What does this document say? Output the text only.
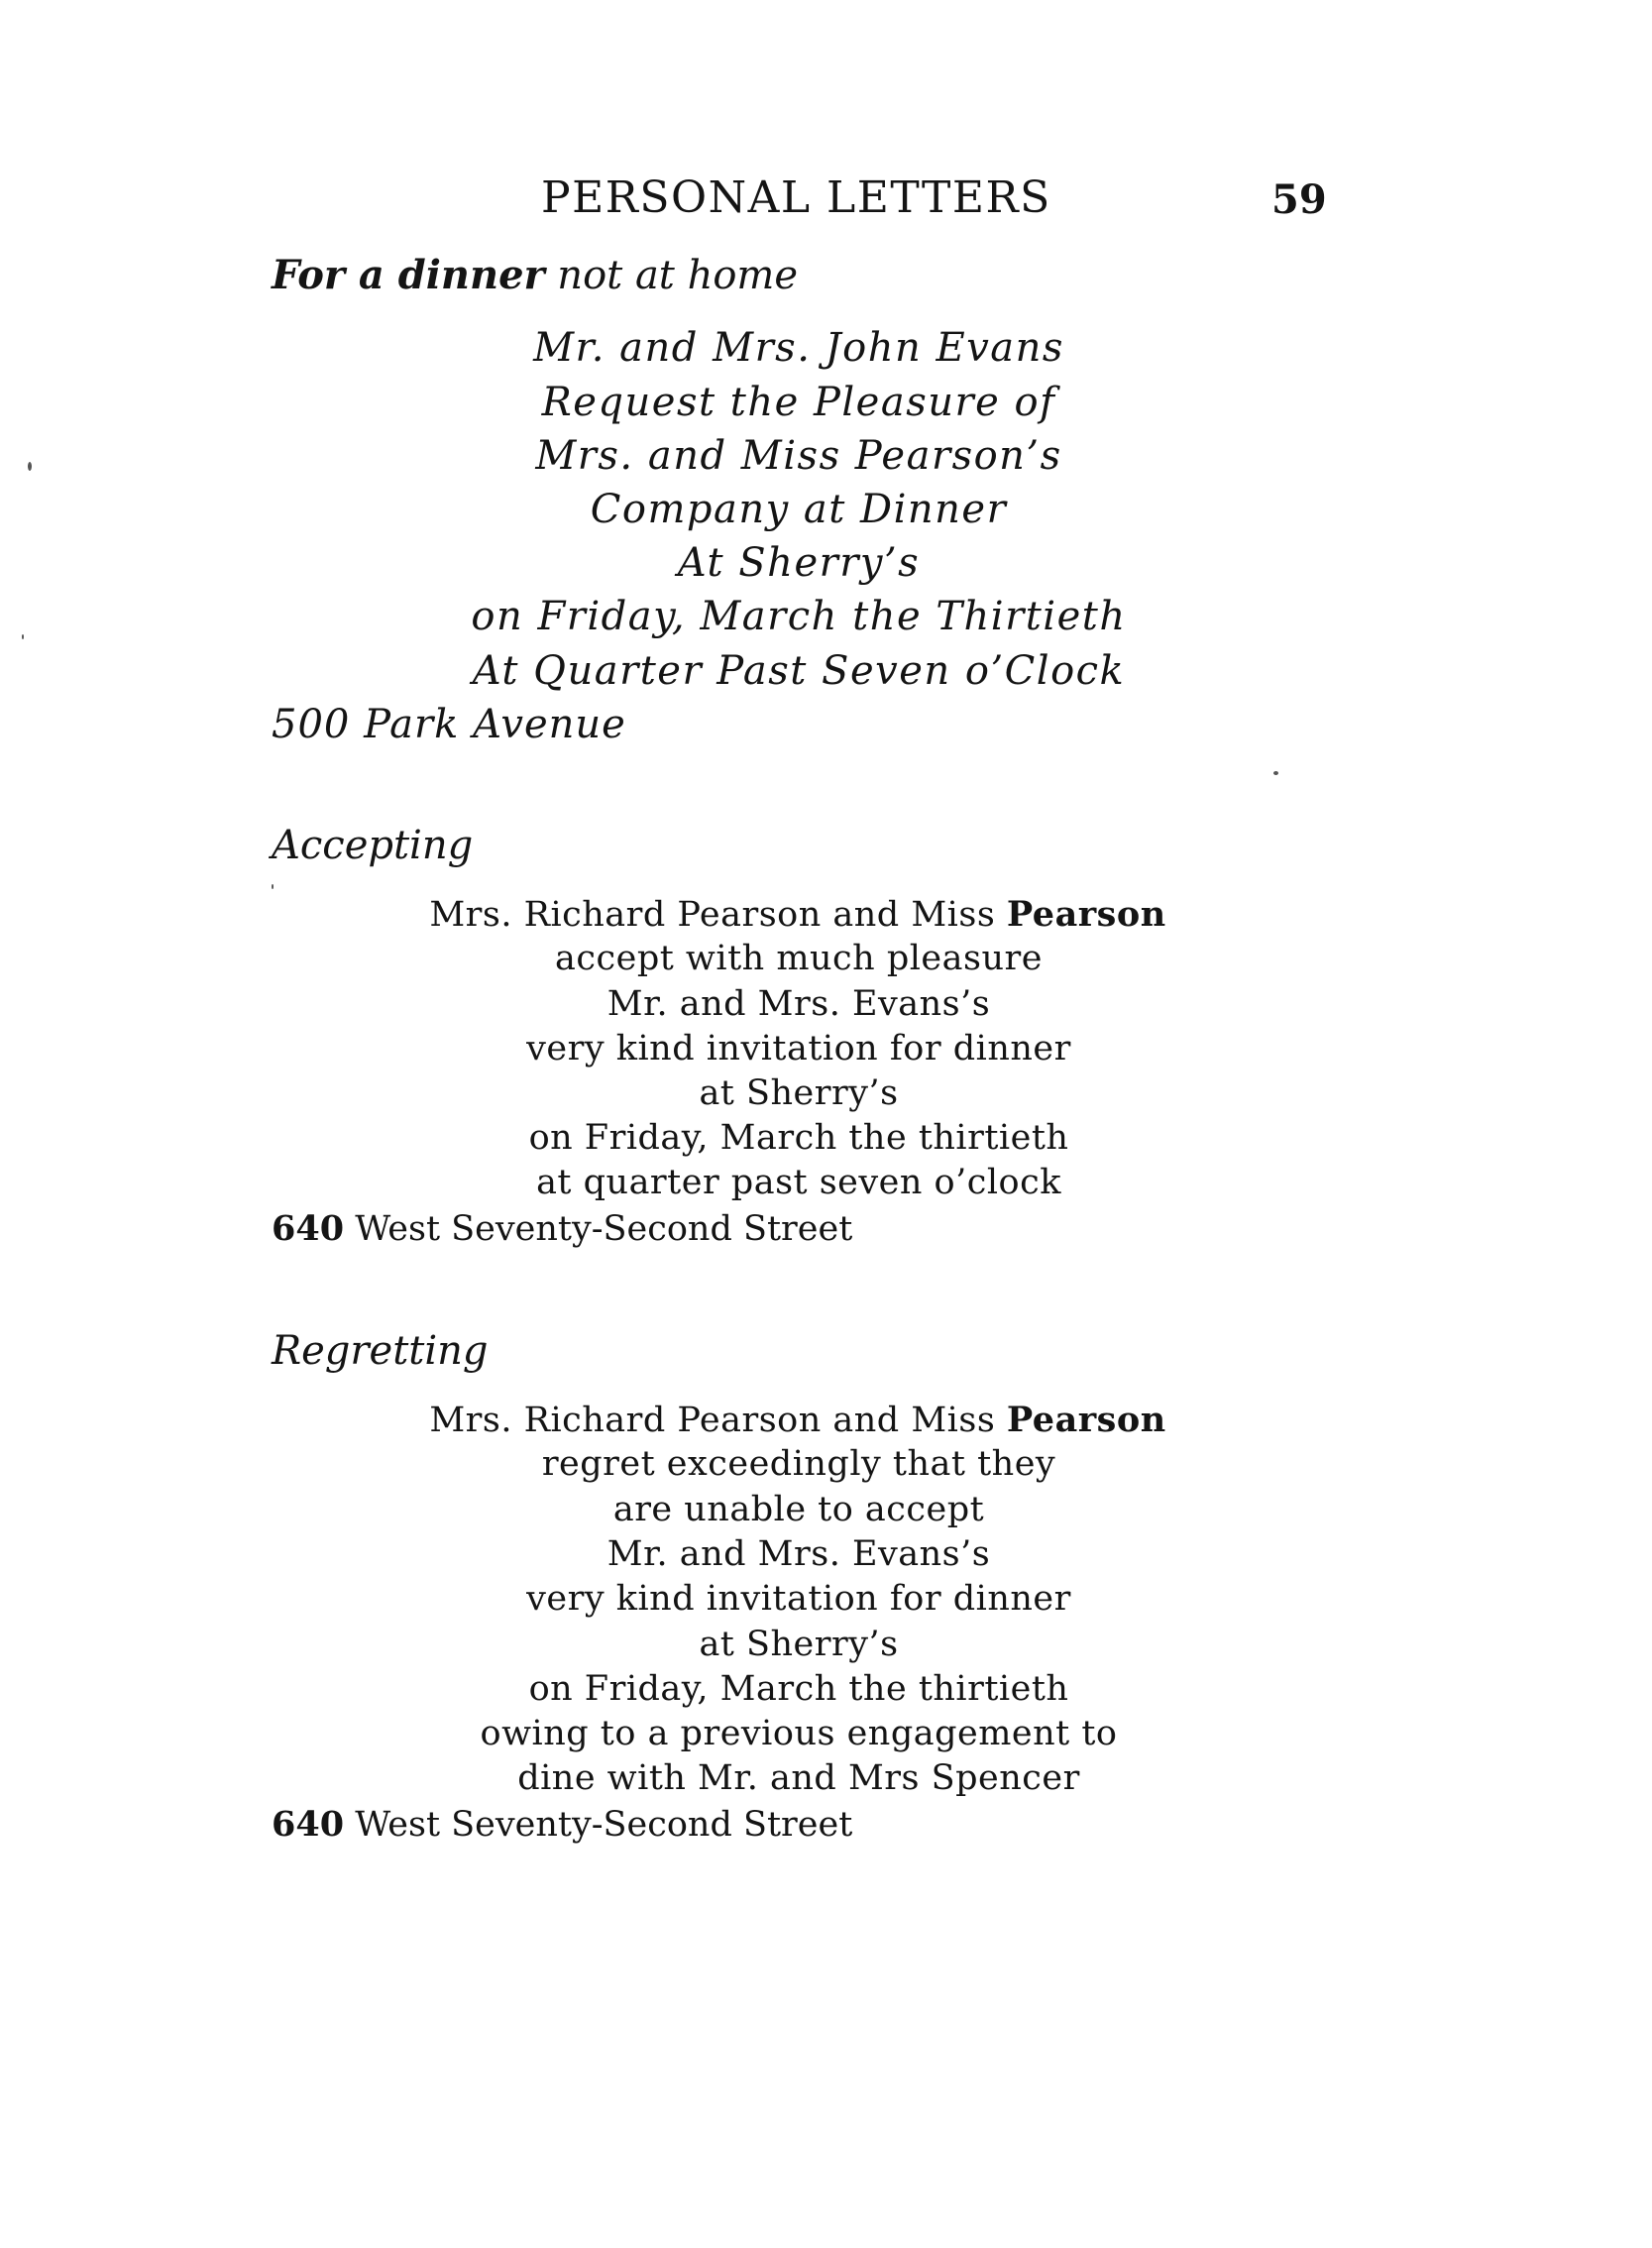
PERSONAL LETTERS	59
For a dinner not at home
Mr. and Mrs. John Evans
Request the Pleasure of
Mrs. and Miss Pearson’s
Company at Dinner
At Sherry’s
on Friday, March the Thirtieth
At Quarter Past Seven o’Clock
500 Park Avenue
Accepting
Mrs. Richard Pearson and Miss Pearson
accept with much pleasure
Mr. and Mrs. Evans’s
very kind invitation for dinner
at Sherry’s
on Friday, March the thirtieth
at quarter past seven o’clock
640 West Seventy-Second Street
Regretting
Mrs. Richard Pearson and Miss Pearson
regret exceedingly that they
are unable to accept
Mr. and Mrs. Evans’s
very kind invitation for dinner
at Sherry’s
on Friday, March the thirtieth
owing to a previous engagement to
dine with Mr. and Mrs Spencer
640 West Seventy-Second Street
